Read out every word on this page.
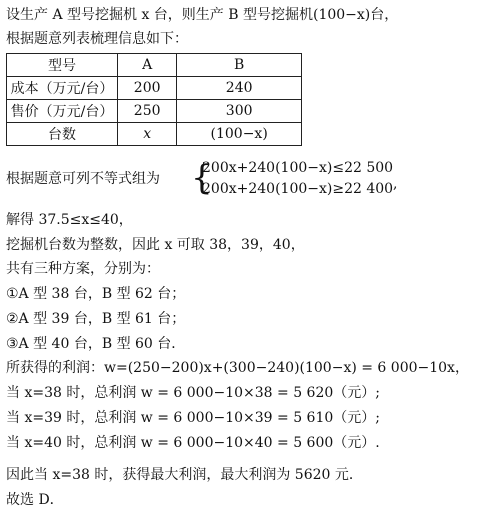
设生产 A 型号挖掘机 x 台，则生产 B 型号挖掘机(100−x)台，
根据题意列表梳理信息如下：
型号	A	B
成本（万元/台）	200	240
售价（万元/台）	250	300
台数	x	(100−x)
根据题意可列不等式组为 {
200x+240(100−x)≤22 500
200x+240(100−x)≥22 400 ,
解得 37.5≤x≤40，
挖掘机台数为整数，因此 x 可取 38，39，40，
共有三种方案，分别为：
①A 型 38 台，B 型 62 台；
②A 型 39 台，B 型 61 台；
③A 型 40 台，B 型 60 台．
所获得的利润：w=(250−200)x+(300−240)(100−x) = 6 000−10x，
当 x=38 时，总利润 w = 6 000−10×38 = 5 620（元）;
当 x=39 时，总利润 w = 6 000−10×39 = 5 610（元）;
当 x=40 时，总利润 w = 6 000−10×40 = 5 600（元）.
因此当 x=38 时，获得最大利润，最大利润为 5620 元．
故选 D．
